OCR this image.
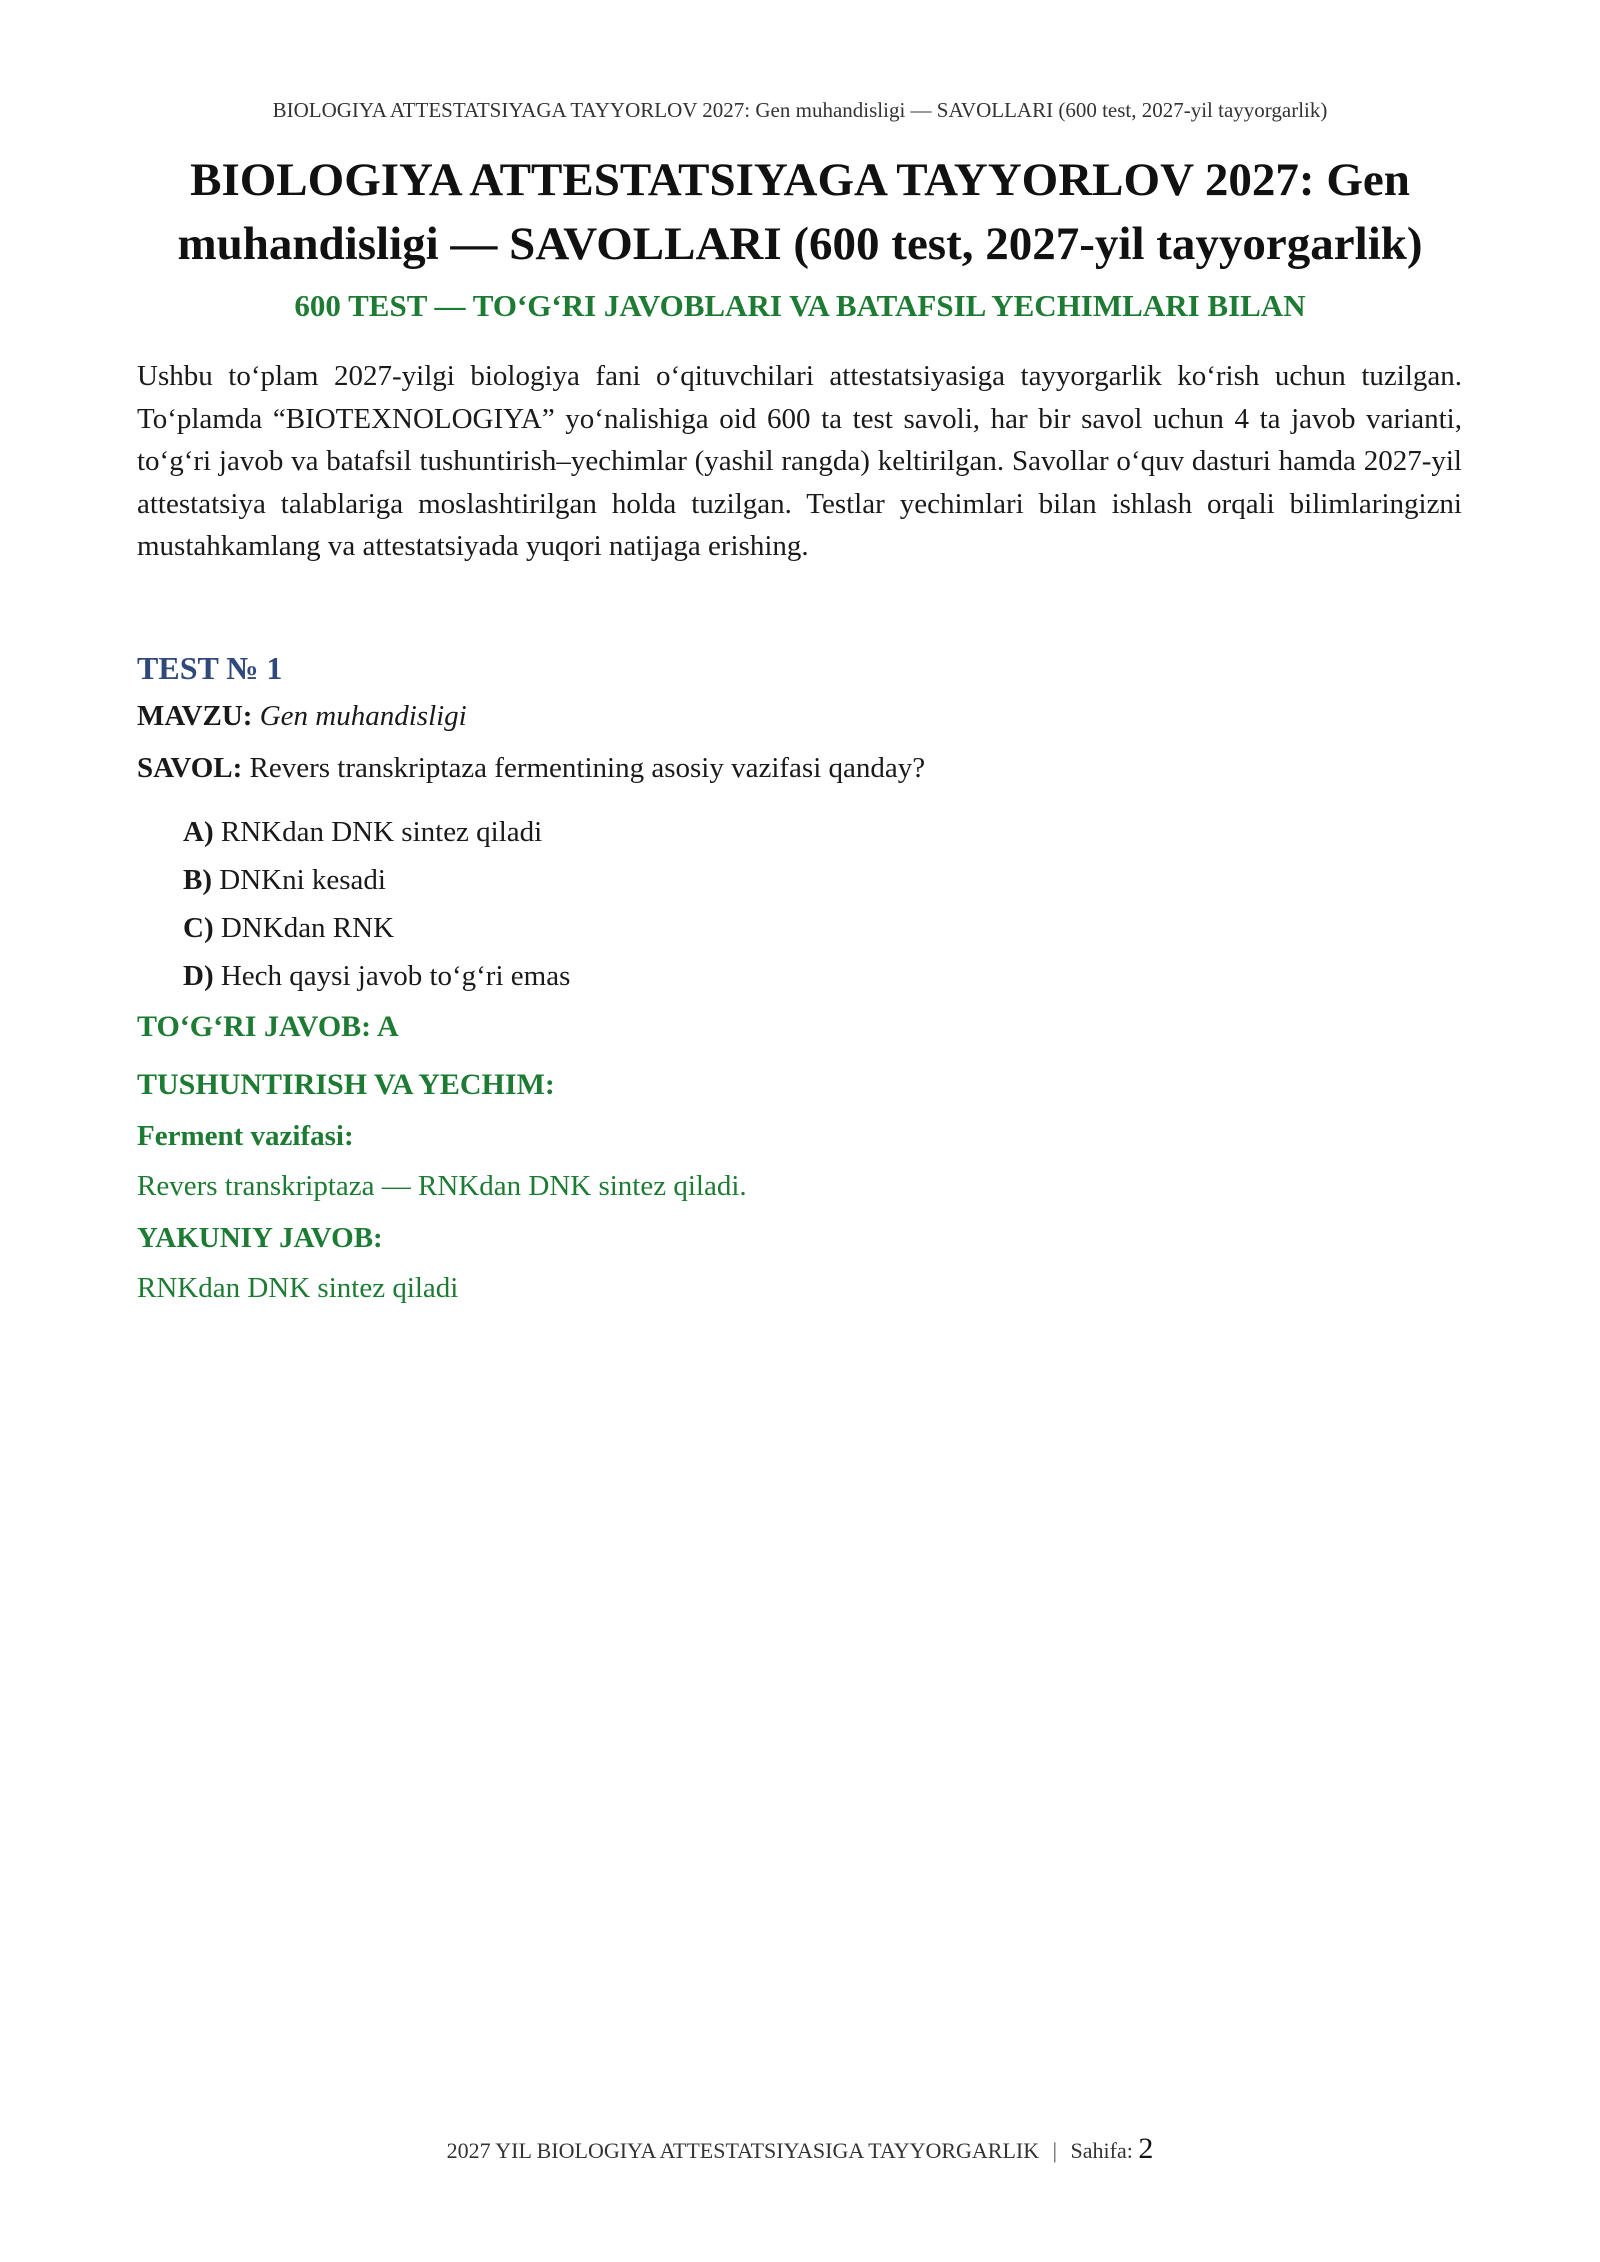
BIOLOGIYA ATTESTATSIYAGA TAYYORLOV 2027: Gen muhandisligi — SAVOLLARI (600 test, 2027-yil tayyorgarlik)
BIOLOGIYA ATTESTATSIYAGA TAYYORLOV 2027: Gen muhandisligi — SAVOLLARI (600 test, 2027-yil tayyorgarlik)
600 TEST — TO‘G‘RI JAVOBLARI VA BATAFSIL YECHIMLARI BILAN

Ushbu to‘plam 2027-yilgi biologiya fani o‘qituvchilari attestatsiyasiga tayyorgarlik ko‘rish uchun tuzilgan. To‘plamda “BIOTEXNOLOGIYA” yo‘nalishiga oid 600 ta test savoli, har bir savol uchun 4 ta javob varianti, to‘g‘ri javob va batafsil tushuntirish–yechimlar (yashil rangda) keltirilgan. Savollar o‘quv dasturi hamda 2027-yil attestatsiya talablariga moslashtirilgan holda tuzilgan. Testlar yechimlari bilan ishlash orqali bilimlaringizni mustahkamlang va attestatsiyada yuqori natijaga erishing.

TEST № 1
MAVZU: Gen muhandisligi
SAVOL: Revers transkriptaza fermentining asosiy vazifasi qanday?
A) RNKdan DNK sintez qiladi
B) DNKni kesadi
C) DNKdan RNK
D) Hech qaysi javob to‘g‘ri emas
TO‘G‘RI JAVOB: A
TUSHUNTIRISH VA YECHIM:
Ferment vazifasi:
Revers transkriptaza — RNKdan DNK sintez qiladi.
YAKUNIY JAVOB:
RNKdan DNK sintez qiladi
2027 YIL BIOLOGIYA ATTESTATSIYASIGA TAYYORGARLIK | Sahifa: 2
